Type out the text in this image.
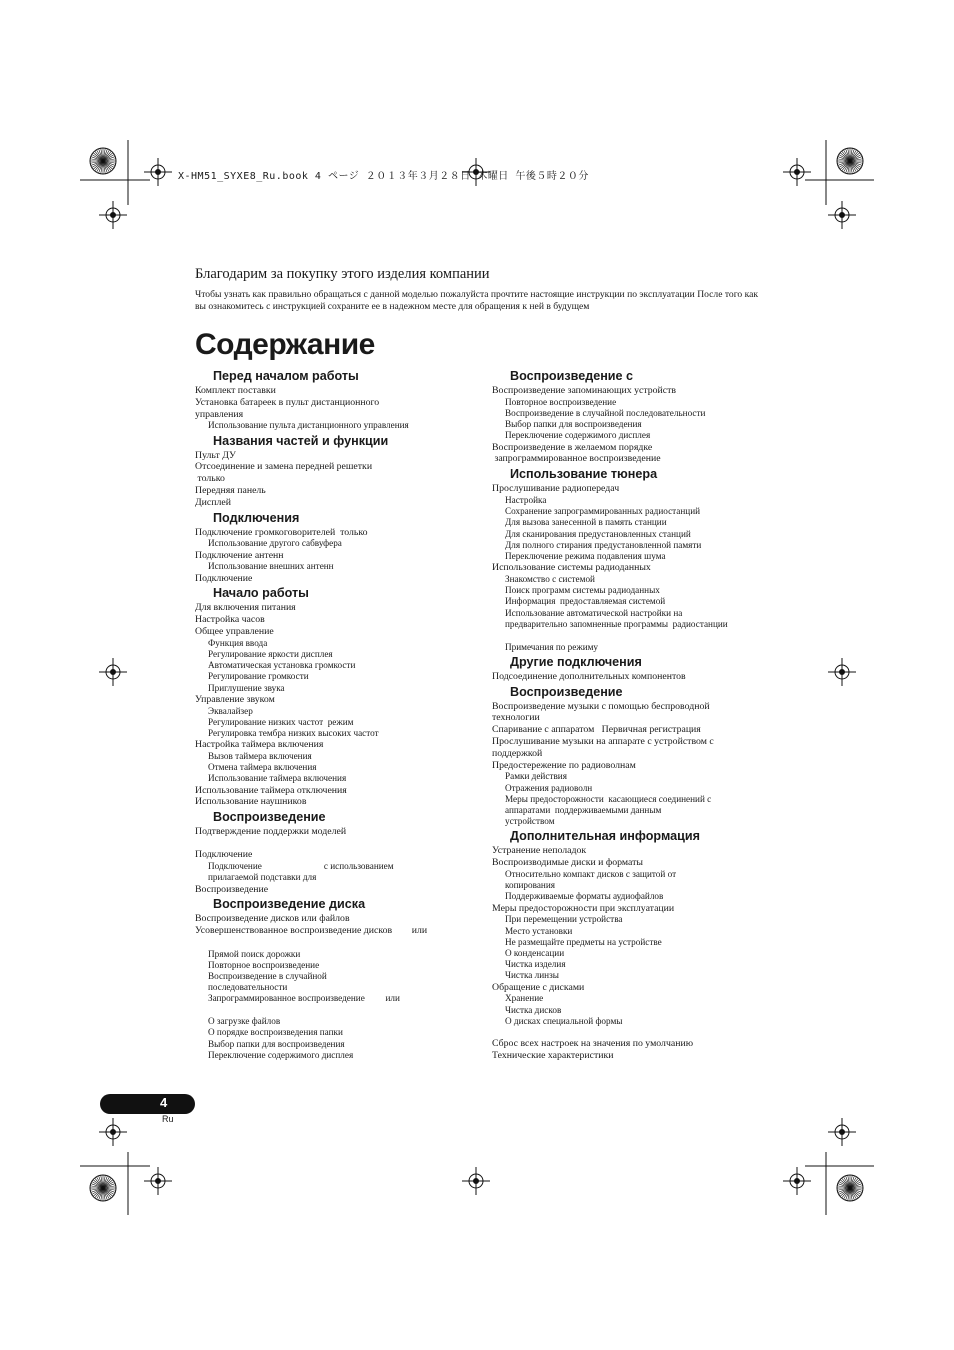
X-HM51_SYXE8_Ru.book 4 ページ ２０１３年３月２８日 木曜日 午後５時２０分
Благодарим за покупку этого изделия компании
Чтобы узнать как правильно обращаться с данной моделью пожалуйста прочтите настоящие инструкции по эксплуатации После того как вы ознакомитесь с инструкцией сохраните ее в надежном месте для обращения к ней в будущем
Содержание
Перед началом работы
Комплект поставки
Установка батареек в пульт дистанционного
управления
Использование пульта дистанционного управления
Названия частей и функции
Пульт ДУ
Отсоединение и замена передней решетки
только
Передняя панель
Дисплей
Подключения
Подключение громкоговорителей  только
Использование другого сабвуфера
Подключение антенн
Использование внешних антенн
Подключение
Начало работы
Для включения питания
Настройка часов
Общее управление
Функция ввода
Регулирование яркости дисплея
Автоматическая установка громкости
Регулирование громкости
Приглушение звука
Управление звуком
Эквалайзер
Регулирование низких частот  режим
Регулировка тембра низких высоких частот
Настройка таймера включения
Вызов таймера включения
Отмена таймера включения
Использование таймера включения
Использование таймера отключения
Использование наушников
Воспроизведение
Подтверждение поддержки моделей
Подключение
Подключение                           с использованием
прилагаемой подставки для
Воспроизведение
Воспроизведение диска
Воспроизведение дисков или файлов
Усовершенствованное воспроизведение дисков        или
Прямой поиск дорожки
Повторное воспроизведение
Воспроизведение в случайной
последовательности
Запрограммированное воспроизведение         или
О загрузке файлов
О порядке воспроизведения папки
Выбор папки для воспроизведения
Переключение содержимого дисплея
Воспроизведение с
Воспроизведение запоминающих устройств
Повторное воспроизведение
Воспроизведение в случайной последовательности
Выбор папки для воспроизведения
Переключение содержимого дисплея
Воспроизведение в желаемом порядке
запрограммированное воспроизведение
Использование тюнера
Прослушивание радиопередач
Настройка
Сохранение запрограммированных радиостанций
Для вызова занесенной в память станции
Для сканирования предустановленных станций
Для полного стирания предустановленной памяти
Переключение режима подавления шума
Использование системы радиоданных
Знакомство с системой
Поиск программ системы радиоданных
Информация  предоставляемая системой
Использование автоматической настройки на
предварительно запомненные программы  радиостанции
Примечания по режиму
Другие подключения
Подсоединение дополнительных компонентов
Воспроизведение
Воспроизведение музыки с помощью беспроводной
технологии
Спаривание с аппаратом   Первичная регистрация
Прослушивание музыки на аппарате с устройством с
поддержкой
Предостережение по радиоволнам
Рамки действия
Отражения радиоволн
Меры предосторожности  касающиеся соединений с
аппаратами  поддерживаемыми данным
устройством
Дополнительная информация
Устранение неполадок
Воспроизводимые диски и форматы
Относительно компакт дисков с защитой от
копирования
Поддерживаемые форматы аудиофайлов
Меры предосторожности при эксплуатации
При перемещении устройства
Место установки
Не размещайте предметы на устройстве
О конденсации
Чистка изделия
Чистка линзы
Обращение с дисками
Хранение
Чистка дисков
О дисках специальной формы
Сброс всех настроек на значения по умолчанию
Технические характеристики
4
Ru
